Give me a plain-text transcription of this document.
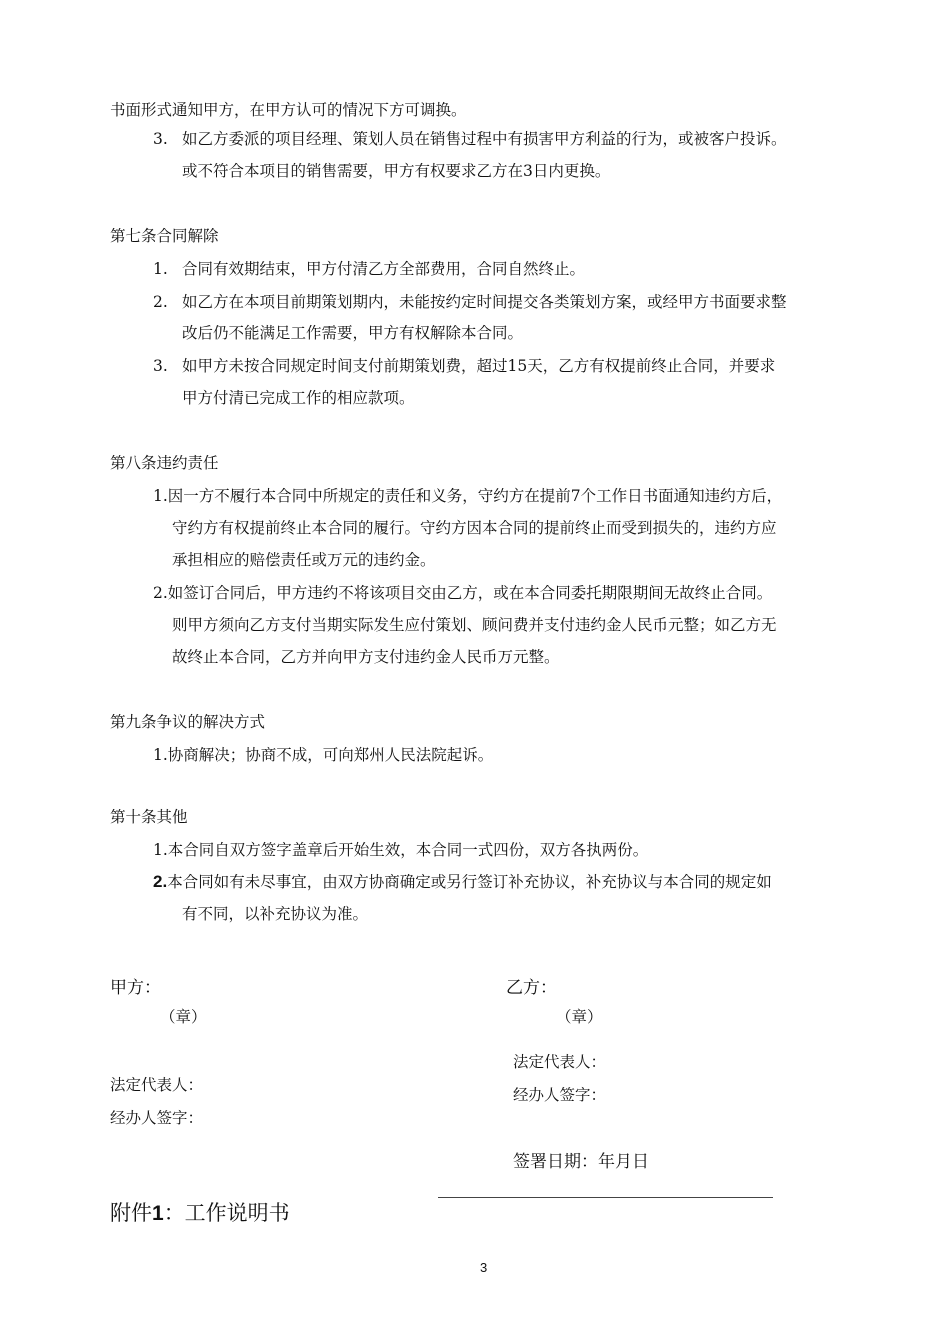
书面形式通知甲方，在甲方认可的情况下方可调换。
3. 如乙方委派的项目经理、策划人员在销售过程中有损害甲方利益的行为，或被客户投诉。
或不符合本项目的销售需要，甲方有权要求乙方在3日内更换。
第七条合同解除
1. 合同有效期结束，甲方付清乙方全部费用，合同自然终止。
2. 如乙方在本项目前期策划期内，未能按约定时间提交各类策划方案，或经甲方书面要求整
改后仍不能满足工作需要，甲方有权解除本合同。
3. 如甲方未按合同规定时间支付前期策划费，超过15天，乙方有权提前终止合同，并要求
甲方付清已完成工作的相应款项。
第八条违约责任
1.因一方不履行本合同中所规定的责任和义务，守约方在提前7个工作日书面通知违约方后，
守约方有权提前终止本合同的履行。守约方因本合同的提前终止而受到损失的，违约方应
承担相应的赔偿责任或万元的违约金。
2.如签订合同后，甲方违约不将该项目交由乙方，或在本合同委托期限期间无故终止合同。
则甲方须向乙方支付当期实际发生应付策划、顾问费并支付违约金人民币元整；如乙方无
故终止本合同，乙方并向甲方支付违约金人民币万元整。
第九条争议的解决方式
1.协商解决；协商不成，可向郑州人民法院起诉。
第十条其他
1.本合同自双方签字盖章后开始生效，本合同一式四份，双方各执两份。
2.本合同如有未尽事宜，由双方协商确定或另行签订补充协议，补充协议与本合同的规定如
有不同，以补充协议为准。
甲方：
（章）
法定代表人：
经办人签字：
乙方：
（章）
法定代表人：
经办人签字：
签署日期：年月日
附件1：工作说明书
3
